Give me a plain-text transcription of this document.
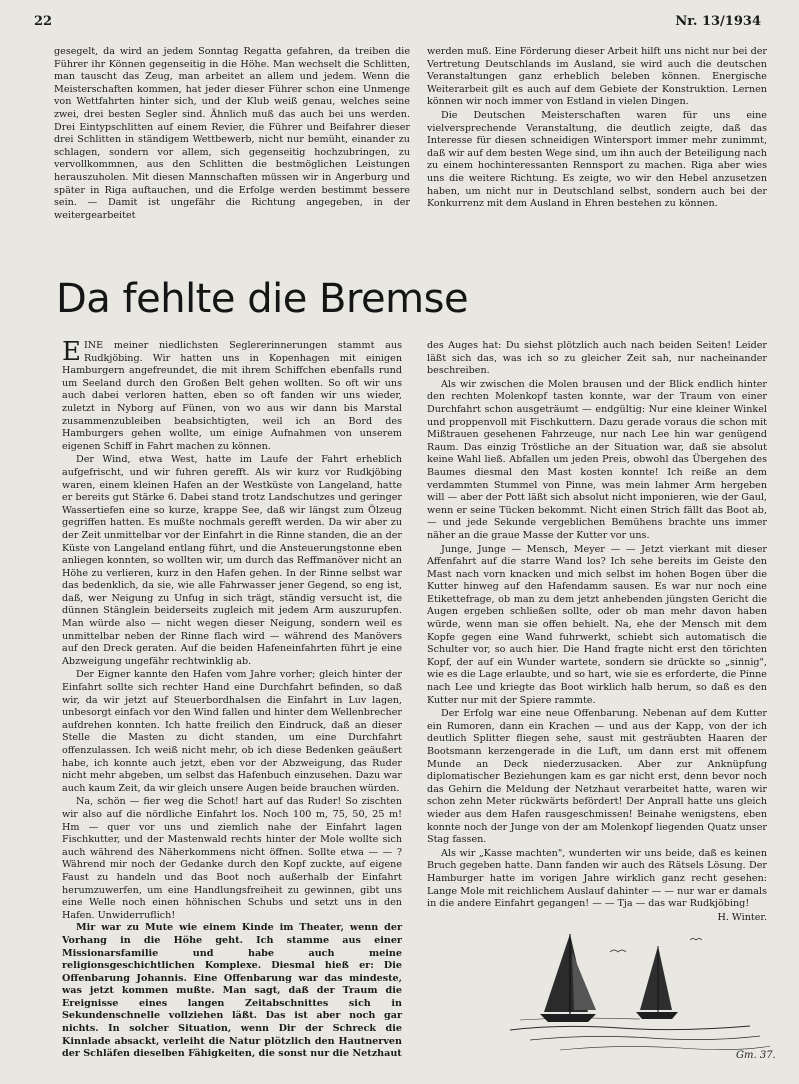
22	Nr. 13/1934

gesegelt, da wird an jedem Sonntag Regatta gefahren, da treiben die Führer ihr Können gegenseitig in die Höhe. Man wechselt die Schlitten, man tauscht das Zeug, man arbeitet an allem und jedem. Wenn die Meisterschaften kommen, hat jeder dieser Führer schon eine Unmenge von Wettfahrten hinter sich, und der Klub weiß genau, welches seine zwei, drei besten Segler sind. Ähnlich muß das auch bei uns werden. Drei Eintypschlitten auf einem Revier, die Führer und Beifahrer dieser drei Schlitten in ständigem Wettbewerb, nicht nur bemüht, einander zu schlagen, sondern vor allem, sich gegenseitig hochzubringen, zu vervollkommnen, aus den Schlitten die bestmöglichen Leistungen herauszuholen. Mit diesen Mannschaften müssen wir in Angerburg und später in Riga auftauchen, und die Erfolge werden bestimmt bessere sein. — Damit ist ungefähr die Richtung angegeben, in der weitergearbeitet

werden muß. Eine Förderung dieser Arbeit hilft uns nicht nur bei der Vertretung Deutschlands im Ausland, sie wird auch die deutschen Veranstaltungen ganz erheblich beleben können. Energische Weiterarbeit gilt es auch auf dem Gebiete der Konstruktion. Lernen können wir noch immer von Estland in vielen Dingen.

Die Deutschen Meisterschaften waren für uns eine vielversprechende Veranstaltung, die deutlich zeigte, daß das Interesse für diesen schneidigen Wintersport immer mehr zunimmt, daß wir auf dem besten Wege sind, um ihn auch der Beteiligung nach zu einem hochinteressanten Rennsport zu machen. Riga aber wies uns die weitere Richtung. Es zeigte, wo wir den Hebel anzusetzen haben, um nicht nur in Deutschland selbst, sondern auch bei der Konkurrenz mit dem Ausland in Ehren bestehen zu können.

Da fehlte die Bremse

EINE meiner niedlichsten Seglererinnerungen stammt aus Rudkjöbing. Wir hatten uns in Kopenhagen mit einigen Hamburgern angefreundet, die mit ihrem Schiffchen ebenfalls rund um Seeland durch den Großen Belt gehen wollten. So oft wir uns auch dabei verloren hatten, eben so oft fanden wir uns wieder, zuletzt in Nyborg auf Fünen, von wo aus wir dann bis Marstal zusammenzubleiben beabsichtigten, weil ich an Bord des Hamburgers gehen wollte, um einige Aufnahmen von unserem eigenen Schiff in Fahrt machen zu können.

Der Wind, etwa West, hatte im Laufe der Fahrt erheblich aufgefrischt, und wir fuhren gerefft. Als wir kurz vor Rudkjöbing waren, einem kleinen Hafen an der Westküste von Langeland, hatte er bereits gut Stärke 6. Dabei stand trotz Landschutzes und geringer Wassertiefen eine so kurze, krappe See, daß wir längst zum Ölzeug gegriffen hatten. Es mußte nochmals gerefft werden. Da wir aber zu der Zeit unmittelbar vor der Einfahrt in die Rinne standen, die an der Küste von Langeland entlang führt, und die Ansteuerungstonne eben anliegen konnten, so wollten wir, um durch das Reffmanöver nicht an Höhe zu verlieren, kurz in den Hafen gehen. In der Rinne selbst war das bedenklich, da sie, wie alle Fahrwasser jener Gegend, so eng ist, daß, wer Neigung zu Unfug in sich trägt, ständig versucht ist, die dünnen Stänglein beiderseits zugleich mit jedem Arm auszurupfen. Man würde also — nicht wegen dieser Neigung, sondern weil es unmittelbar neben der Rinne flach wird — während des Manövers auf den Dreck geraten. Auf die beiden Hafeneinfahrten führt je eine Abzweigung ungefähr rechtwinklig ab.

Der Eigner kannte den Hafen vom Jahre vorher; gleich hinter der Einfahrt sollte sich rechter Hand eine Durchfahrt befinden, so daß wir, da wir jetzt auf Steuerbordhalsen die Einfahrt in Luv lagen, unbesorgt einfach vor den Wind fallen und hinter dem Wellenbrecher aufdrehen konnten. Ich hatte freilich den Eindruck, daß an dieser Stelle die Masten zu dicht standen, um eine Durchfahrt offenzulassen. Ich weiß nicht mehr, ob ich diese Bedenken geäußert habe, ich konnte auch jetzt, eben vor der Abzweigung, das Ruder nicht mehr abgeben, um selbst das Hafenbuch einzusehen. Dazu war auch kaum Zeit, da wir gleich unsere Augen beide brauchen würden.

Na, schön — fier weg die Schot! hart auf das Ruder! So zischten wir also auf die nördliche Einfahrt los. Noch 100 m, 75, 50, 25 m! Hm — quer vor uns und ziemlich nahe der Einfahrt lagen Fischkutter, und der Mastenwald rechts hinter der Mole wollte sich auch während des Näherkommens nicht öffnen. Sollte etwa — — ? Während mir noch der Gedanke durch den Kopf zuckte, auf eigene Faust zu handeln und das Boot noch außerhalb der Einfahrt herumzuwerfen, um eine Handlungsfreiheit zu gewinnen, gibt uns eine Welle noch einen höhnischen Schubs und setzt uns in den Hafen. Unwiderruflich!

Mir war zu Mute wie einem Kinde im Theater, wenn der Vorhang in die Höhe geht. Ich stamme aus einer Missionarsfamilie und habe auch meine religionsgeschichtlichen Komplexe. Diesmal hieß er: Die Offenbarung Johannis. Eine Offenbarung war das mindeste, was jetzt kommen mußte. Man sagt, daß der Traum die Ereignisse eines langen Zeitabschnittes sich in Sekundenschnelle vollziehen läßt. Das ist aber noch gar nichts. In solcher Situation, wenn Dir der Schreck die Kinnlade absackt, verleiht die Natur plötzlich den Hautnerven der Schläfen dieselben Fähigkeiten, die sonst nur die Netzhaut

des Auges hat: Du siehst plötzlich auch nach beiden Seiten! Leider läßt sich das, was ich so zu gleicher Zeit sah, nur nacheinander beschreiben.

Als wir zwischen die Molen brausen und der Blick endlich hinter den rechten Molenkopf tasten konnte, war der Traum von einer Durchfahrt schon ausgeträumt — endgültig: Nur eine kleiner Winkel und proppenvoll mit Fischkuttern. Dazu gerade voraus die schon mit Mißtrauen gesehenen Fahrzeuge, nur nach Lee hin war genügend Raum. Das einzig Tröstliche an der Situation war, daß sie absolut keine Wahl ließ. Abfallen um jeden Preis, obwohl das Übergehen des Baumes diesmal den Mast kosten konnte! Ich reiße an dem verdammten Stummel von Pinne, was mein lahmer Arm hergeben will — aber der Pott läßt sich absolut nicht imponieren, wie der Gaul, wenn er seine Tücken bekommt. Nicht einen Strich fällt das Boot ab, — und jede Sekunde vergeblichen Bemühens brachte uns immer näher an die graue Masse der Kutter vor uns.

Junge, Junge — Mensch, Meyer — — Jetzt vierkant mit dieser Affenfahrt auf die starre Wand los? Ich sehe bereits im Geiste den Mast nach vorn knacken und mich selbst im hohen Bogen über die Kutter hinweg auf den Hafendamm sausen. Es war nur noch eine Etikettefrage, ob man zu dem jetzt anhebenden jüngsten Gericht die Augen ergeben schließen sollte, oder ob man mehr davon haben würde, wenn man sie offen behielt. Na, ehe der Mensch mit dem Kopfe gegen eine Wand fuhrwerkt, schiebt sich automatisch die Schulter vor, so auch hier. Die Hand fragte nicht erst den törichten Kopf, der auf ein Wunder wartete, sondern sie drückte so „sinnig", wie es die Lage erlaubte, und so hart, wie sie es erforderte, die Pinne nach Lee und kriegte das Boot wirklich halb herum, so daß es den Kutter nur mit der Spiere rammte.

Der Erfolg war eine neue Offenbarung. Nebenan auf dem Kutter ein Rumoren, dann ein Krachen — und aus der Kapp, von der ich deutlich Splitter fliegen sehe, saust mit gesträubten Haaren der Bootsmann kerzengerade in die Luft, um dann erst mit offenem Munde an Deck niederzusacken. Aber zur Anknüpfung diplomatischer Beziehungen kam es gar nicht erst, denn bevor noch das Gehirn die Meldung der Netzhaut verarbeitet hatte, waren wir schon zehn Meter rückwärts befördert! Der Anprall hatte uns gleich wieder aus dem Hafen rausgeschmissen! Beinahe wenigstens, eben konnte noch der Junge von der am Molenkopf liegenden Quatz unser Stag fassen.

Als wir „Kasse machten", wunderten wir uns beide, daß es keinen Bruch gegeben hatte. Dann fanden wir auch des Rätsels Lösung. Der Hamburger hatte im vorigen Jahre wirklich ganz recht gesehen: Lange Mole mit reichlichem Auslauf dahinter — — nur war er damals in die andere Einfahrt gegangen! — — Tja — das war Rudkjöbing!

H. Winter.

Gm. 37.
